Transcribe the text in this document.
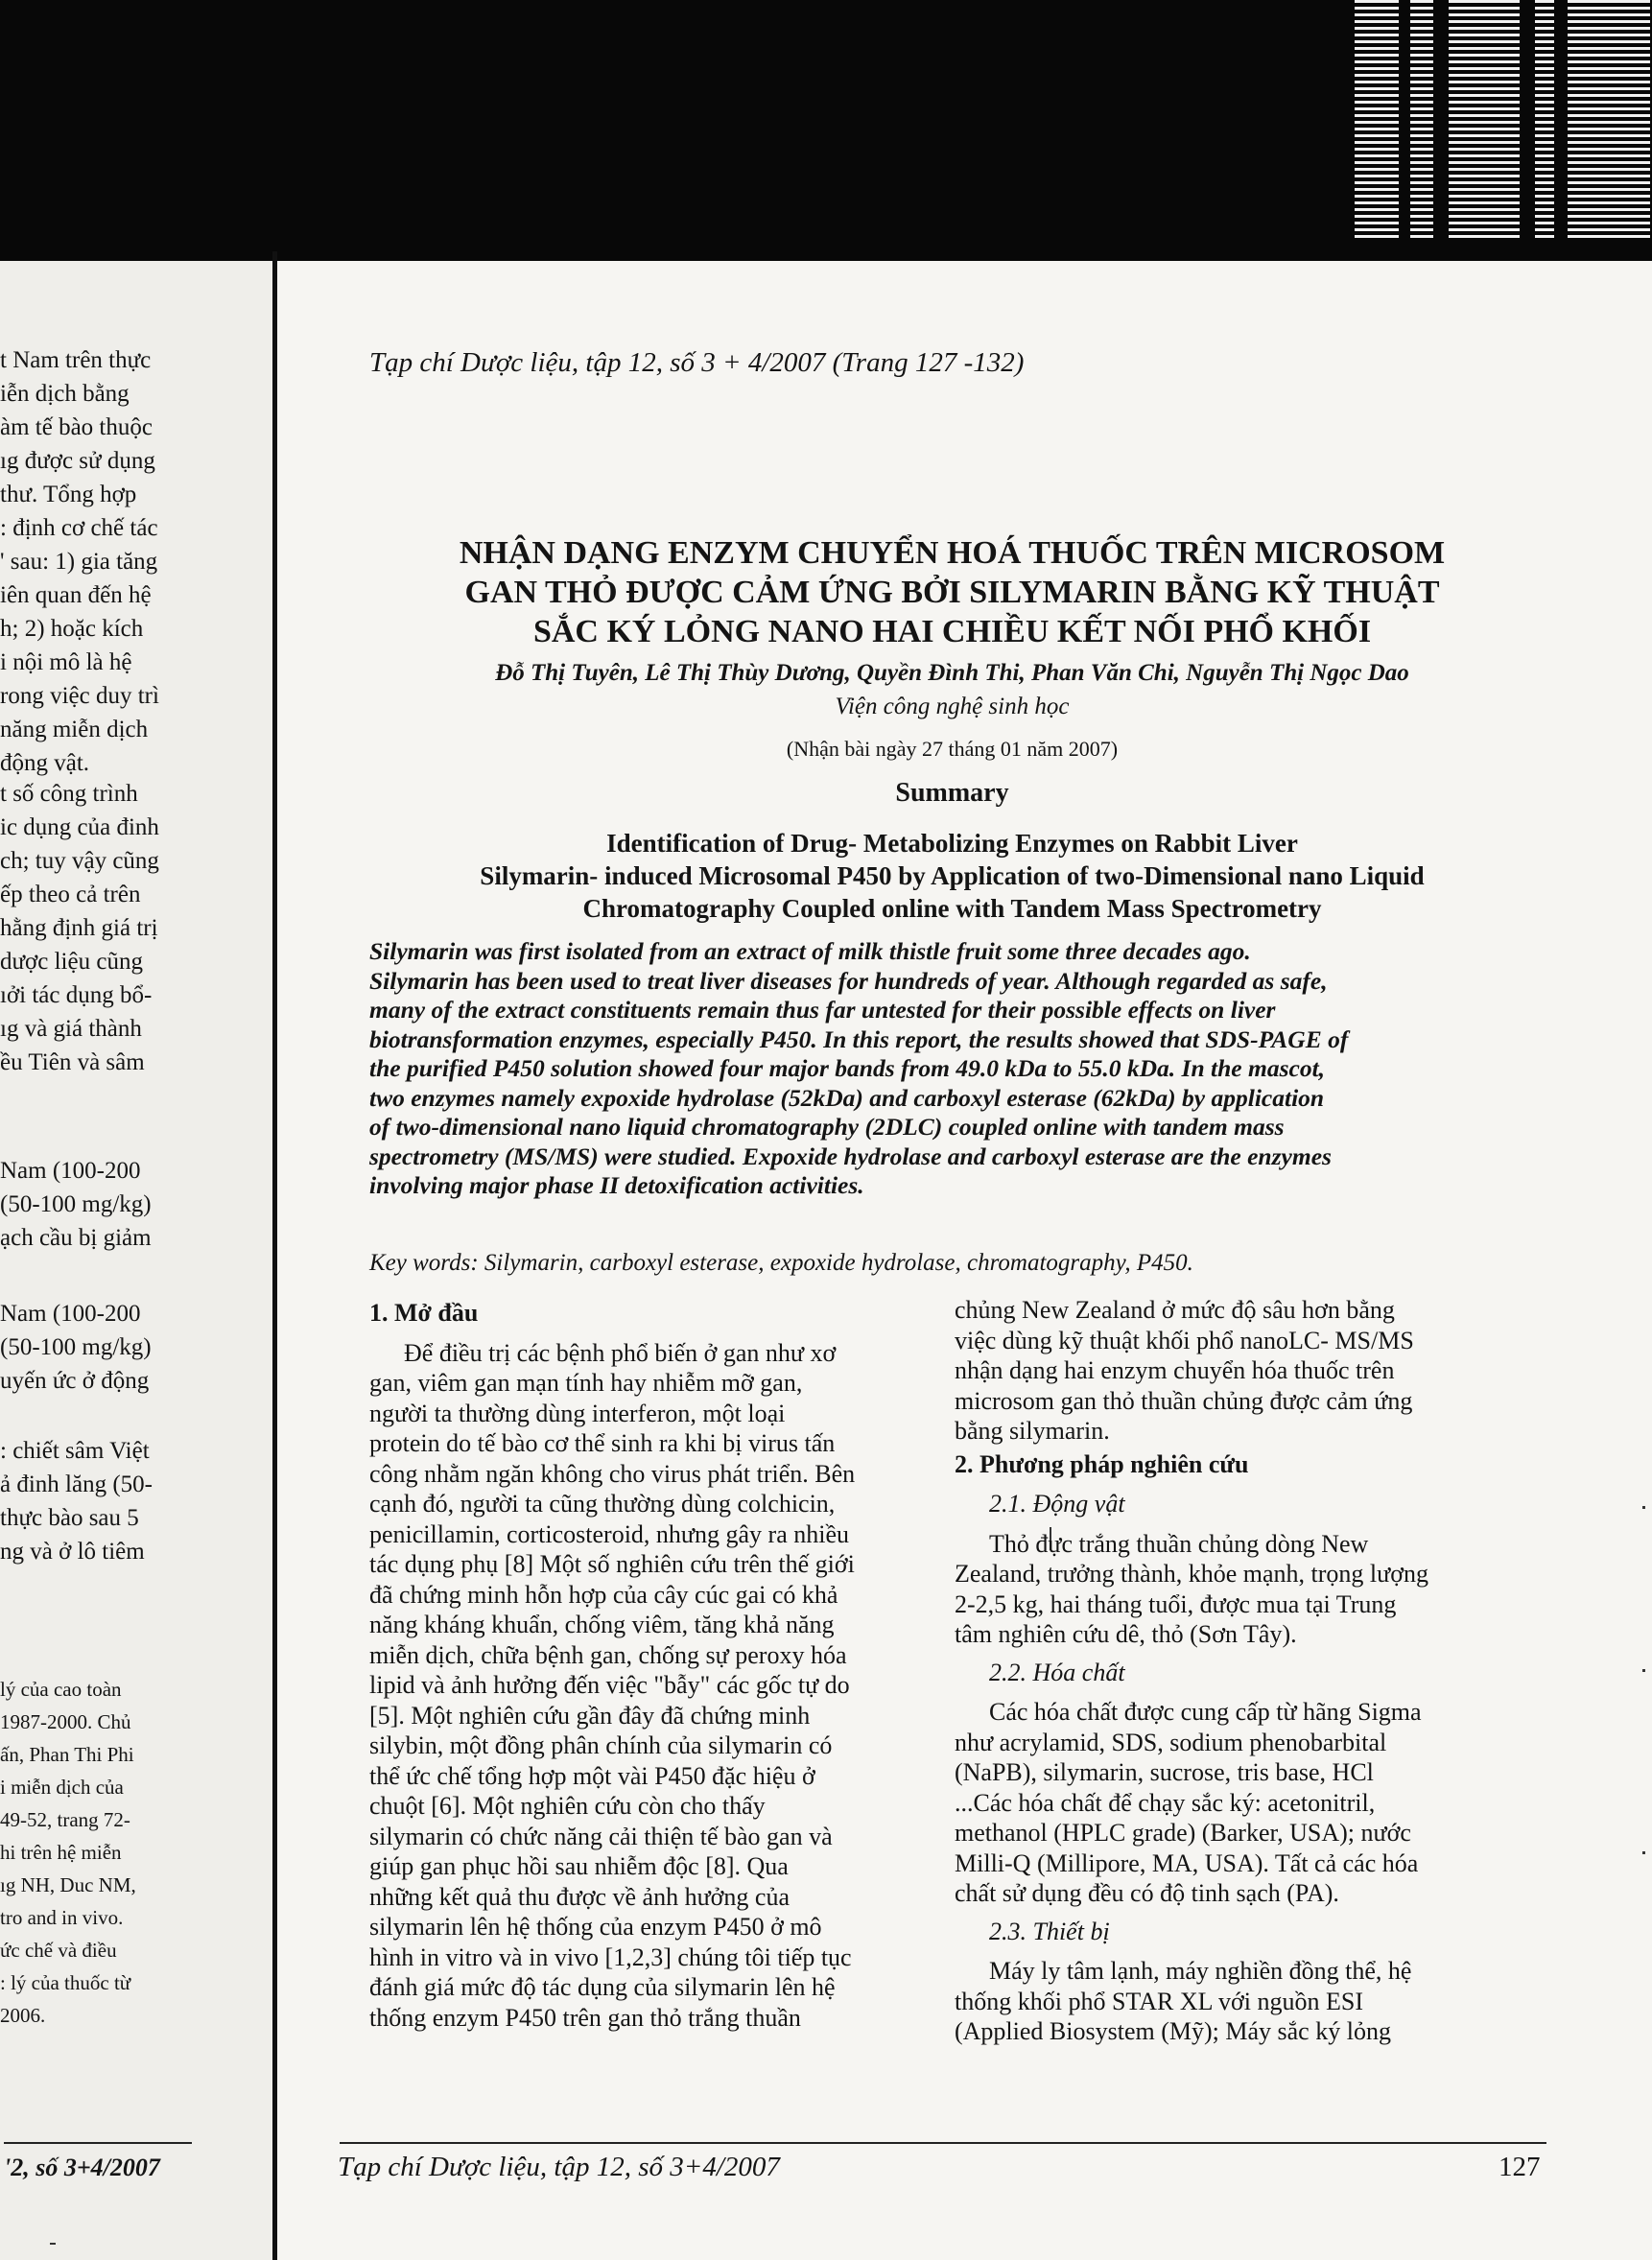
t Nam trên thực
iễn dịch bằng
àm tế bào thuộc
ıg được sử dụng
thư. Tổng hợp
: định cơ chế tác
' sau: 1) gia tăng
iên quan đến hệ
h; 2) hoặc kích
i nội mô là hệ
rong việc duy trì
năng miễn dịch
động vật.
t số công trình
ic dụng của đinh
ch; tuy vậy cũng
ếp theo cả trên
hằng định giá trị
dược liệu cũng
ıởi tác dụng bổ-
ıg và giá thành
ều Tiên và sâm
Nam (100-200
(50-100 mg/kg)
ạch cầu bị giảm
Nam (100-200
(50-100 mg/kg)
uyến ức ở động
: chiết sâm Việt
ả đinh lăng (50-
thực bào sau 5
ng và ở lô tiêm
lý của cao toàn
1987-2000. Chủ
ấn, Phan Thi Phi
i miễn dịch của
49-52, trang 72-
hi trên hệ miễn
ıg NH, Duc NM,
tro and in vivo.
ức chế và điều
: lý của thuốc từ
2006.
'2, số 3+4/2007
Tạp chí Dược liệu, tập 12, số 3 + 4/2007 (Trang 127 -132)
NHẬN DẠNG ENZYM CHUYỂN HOÁ THUỐC TRÊN MICROSOM
GAN THỎ ĐƯỢC CẢM ỨNG BỞI SILYMARIN BẰNG KỸ THUẬT
SẮC KÝ LỎNG NANO HAI CHIỀU KẾT NỐI PHỔ KHỐI
Đỗ Thị Tuyên, Lê Thị Thùy Dương, Quyền Đình Thi, Phan Văn Chi, Nguyễn Thị Ngọc Dao
Viện công nghệ sinh học
(Nhận bài ngày 27 tháng 01 năm 2007)
Summary
Identification of Drug- Metabolizing Enzymes on Rabbit Liver
Silymarin- induced Microsomal P450 by Application of two-Dimensional nano Liquid
Chromatography Coupled online with Tandem Mass Spectrometry
Silymarin was first isolated from an extract of milk thistle fruit some three decades ago.
Silymarin has been used to treat liver diseases for hundreds of year. Although regarded as safe,
many of the extract constituents remain thus far untested for their possible effects on liver
biotransformation enzymes, especially P450. In this report, the results showed that SDS-PAGE of
the purified P450 solution showed four major bands from 49.0 kDa to 55.0 kDa. In the mascot,
two enzymes namely expoxide hydrolase (52kDa) and carboxyl esterase (62kDa) by application
of two-dimensional nano liquid chromatography (2DLC) coupled online with tandem mass
spectrometry (MS/MS) were studied. Expoxide hydrolase and carboxyl esterase are the enzymes
involving major phase II detoxification activities.
Key words: Silymarin, carboxyl esterase, expoxide hydrolase, chromatography, P450.
1. Mở đầu
Để điều trị các bệnh phổ biến ở gan như xơ
gan, viêm gan mạn tính hay nhiễm mỡ gan,
người ta thường dùng interferon, một loại
protein do tế bào cơ thể sinh ra khi bị virus tấn
công nhằm ngăn không cho virus phát triển. Bên
cạnh đó, người ta cũng thường dùng colchicin,
penicillamin, corticosteroid, nhưng gây ra nhiều
tác dụng phụ [8] Một số nghiên cứu trên thế giới
đã chứng minh hỗn hợp của cây cúc gai có khả
năng kháng khuẩn, chống viêm, tăng khả năng
miễn dịch, chữa bệnh gan, chống sự peroxy hóa
lipid và ảnh hưởng đến việc "bẫy" các gốc tự do
[5]. Một nghiên cứu gần đây đã chứng minh
silybin, một đồng phân chính của silymarin có
thể ức chế tổng hợp một vài P450 đặc hiệu ở
chuột [6]. Một nghiên cứu còn cho thấy
silymarin có chức năng cải thiện tế bào gan và
giúp gan phục hồi sau nhiễm độc [8]. Qua
những kết quả thu được về ảnh hưởng của
silymarin lên hệ thống của enzym P450 ở mô
hình in vitro và in vivo [1,2,3] chúng tôi tiếp tục
đánh giá mức độ tác dụng của silymarin lên hệ
thống enzym P450 trên gan thỏ trắng thuần
chủng New Zealand ở mức độ sâu hơn bằng
việc dùng kỹ thuật khối phổ nanoLC- MS/MS
nhận dạng hai enzym chuyển hóa thuốc trên
microsom gan thỏ thuần chủng được cảm ứng
bằng silymarin.
2. Phương pháp nghiên cứu
2.1. Động vật
Thỏ đực trắng thuần chủng dòng New
Zealand, trưởng thành, khỏe mạnh, trọng lượng
2-2,5 kg, hai tháng tuổi, được mua tại Trung
tâm nghiên cứu dê, thỏ (Sơn Tây).
2.2. Hóa chất
Các hóa chất được cung cấp từ hãng Sigma
như acrylamid, SDS, sodium phenobarbital
(NaPB), silymarin, sucrose, tris base, HCl
...Các hóa chất để chạy sắc ký: acetonitril,
methanol (HPLC grade) (Barker, USA); nước
Milli-Q (Millipore, MA, USA). Tất cả các hóa
chất sử dụng đều có độ tinh sạch (PA).
2.3. Thiết bị
Máy ly tâm lạnh, máy nghiền đồng thể, hệ
thống khối phổ STAR XL với nguồn ESI
(Applied Biosystem (Mỹ); Máy sắc ký lỏng
Tạp chí Dược liệu, tập 12, số 3+4/2007	127
